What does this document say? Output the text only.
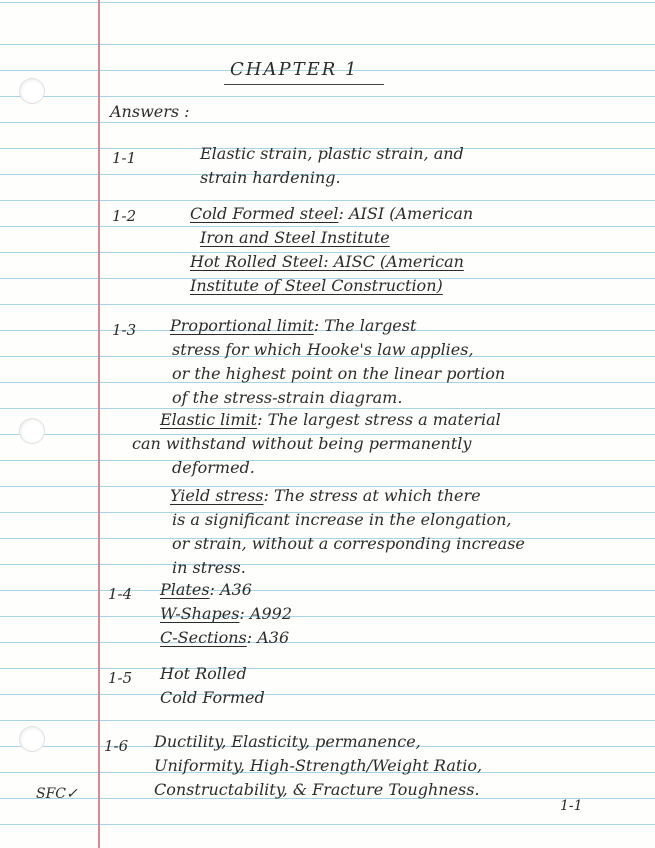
CHAPTER 1
Answers :
1-1	Elastic strain, plastic strain, and
strain hardening.
1-2	Cold Formed steel: AISI (American
Iron and Steel Institute
Hot Rolled Steel: AISC (American
Institute of Steel Construction)
1-3 Proportional limit: The largest
stress for which Hooke's law applies,
or the highest point on the linear portion
of the stress-strain diagram.
Elastic limit: The largest stress a material
can withstand without being permanently
deformed.
Yield stress: The stress at which there
is a significant increase in the elongation,
or strain, without a corresponding increase
in stress.
1-4 Plates: A36
W-Shapes: A992
C-Sections: A36
1-5 Hot Rolled
Cold Formed
1-6 Ductility, Elasticity, permanence,
Uniformity, High-Strength/Weight Ratio,
Constructability, & Fracture Toughness.
SFC✓
1-1
